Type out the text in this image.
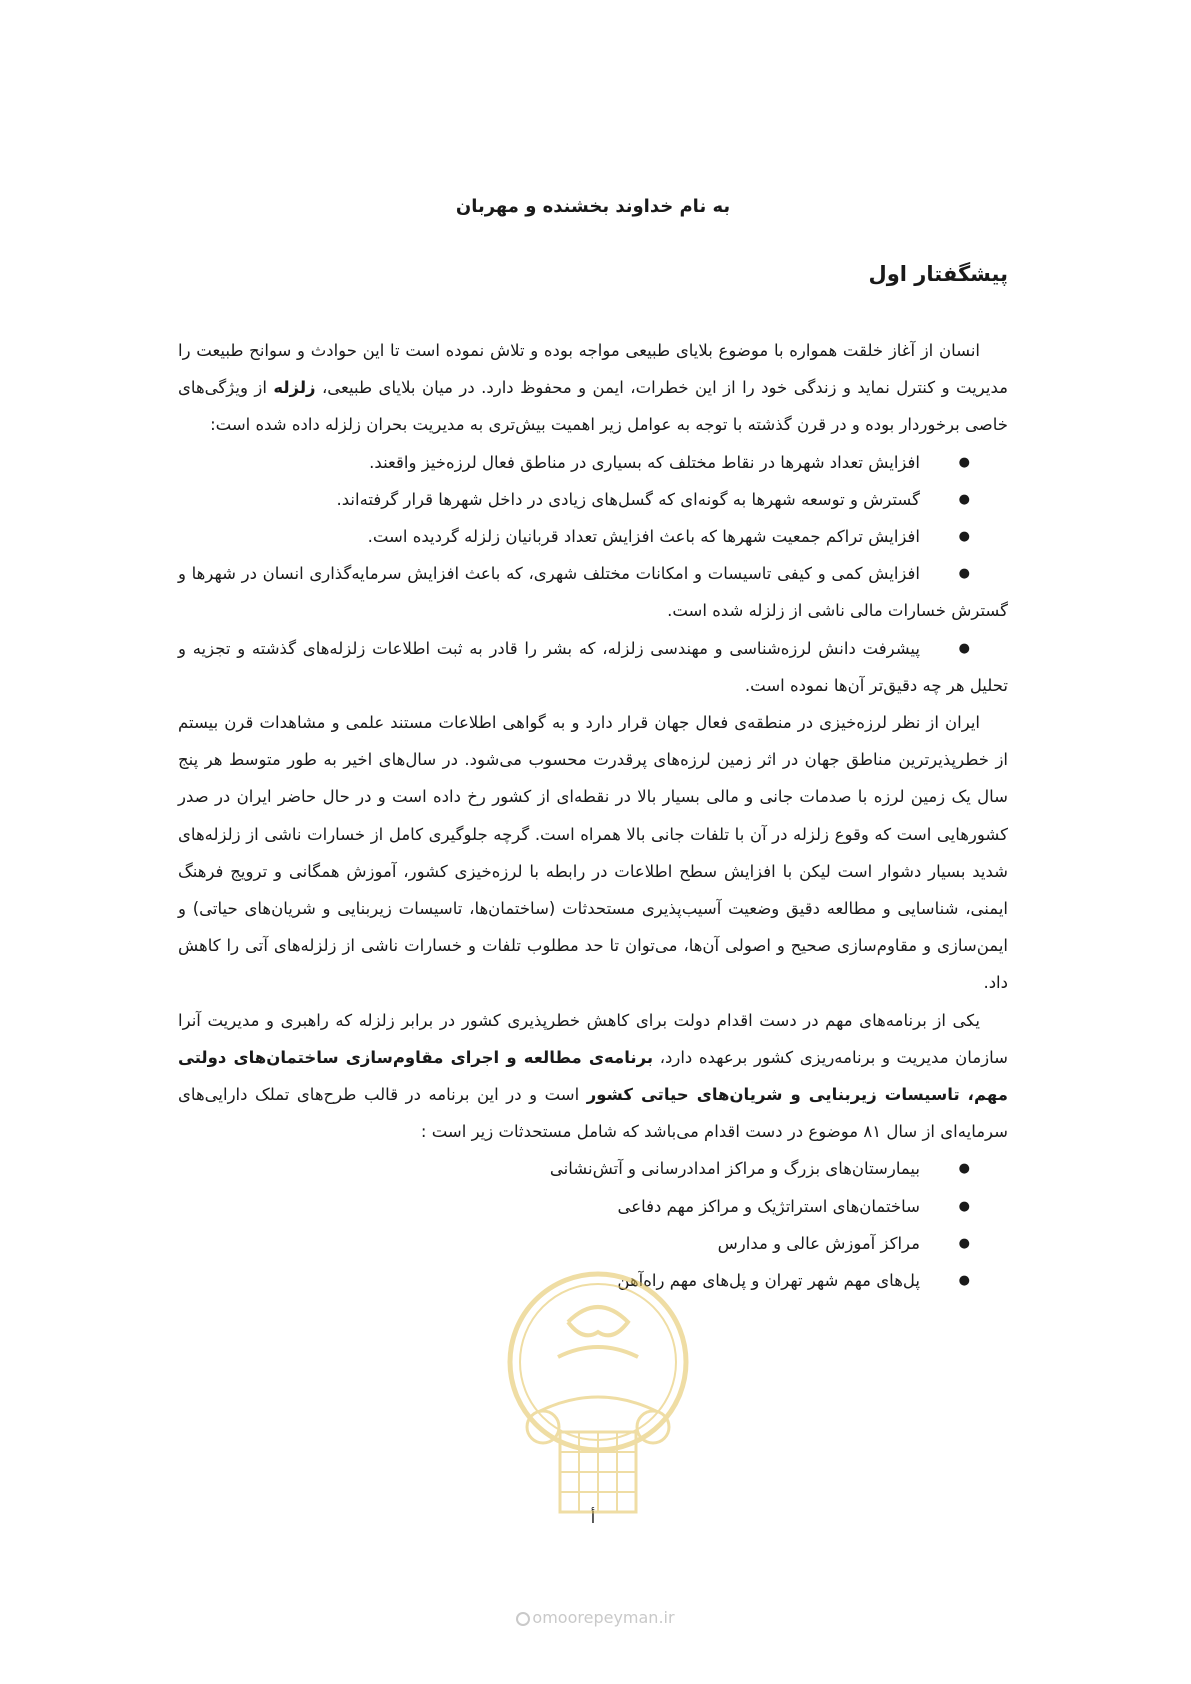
به نام خداوند بخشنده و مهربان

پیشگفتار اول

انسان از آغاز خلقت همواره با موضوع بلایای طبیعی مواجه بوده و تلاش نموده است تا این حوادث و سوانح طبیعت را مدیریت و کنترل نماید و زندگی خود را از این خطرات، ایمن و محفوظ دارد. در میان بلایای طبیعی، زلزله از ویژگی‌های خاصی برخوردار بوده و در قرن گذشته با توجه به عوامل زیر اهمیت بیش‌تری به مدیریت بحران زلزله داده شده است:

● افزایش تعداد شهرها در نقاط مختلف که بسیاری در مناطق فعال لرزه‌خیز واقعند.
● گسترش و توسعه شهرها به گونه‌ای که گسل‌های زیادی در داخل شهرها قرار گرفته‌اند.
● افزایش تراکم جمعیت شهرها که باعث افزایش تعداد قربانیان زلزله گردیده است.
● افزایش کمی و کیفی تاسیسات و امکانات مختلف شهری، که باعث افزایش سرمایه‌گذاری انسان در شهرها و گسترش خسارات مالی ناشی از زلزله شده است.
● پیشرفت دانش لرزه‌شناسی و مهندسی زلزله، که بشر را قادر به ثبت اطلاعات زلزله‌های گذشته و تجزیه و تحلیل هر چه دقیق‌تر آن‌ها نموده است.

ایران از نظر لرزه‌خیزی در منطقه‌ی فعال جهان قرار دارد و به گواهی اطلاعات مستند علمی و مشاهدات قرن بیستم از خطرپذیرترین مناطق جهان در اثر زمین لرزه‌های پرقدرت محسوب می‌شود. در سال‌های اخیر به طور متوسط هر پنج سال یک زمین لرزه با صدمات جانی و مالی بسیار بالا در نقطه‌ای از کشور رخ داده است و در حال حاضر ایران در صدر کشورهایی است که وقوع زلزله در آن با تلفات جانی بالا همراه است. گرچه جلوگیری کامل از خسارات ناشی از زلزله‌های شدید بسیار دشوار است لیکن با افزایش سطح اطلاعات در رابطه با لرزه‌خیزی کشور، آموزش همگانی و ترویج فرهنگ ایمنی، شناسایی و مطالعه دقیق وضعیت آسیب‌پذیری مستحدثات (ساختمان‌ها، تاسیسات زیربنایی و شریان‌های حیاتی) و ایمن‌سازی و مقاوم‌سازی صحیح و اصولی آن‌ها، می‌توان تا حد مطلوب تلفات و خسارات ناشی از زلزله‌های آتی را کاهش داد.

یکی از برنامه‌های مهم در دست اقدام دولت برای کاهش خطرپذیری کشور در برابر زلزله که راهبری و مدیریت آنرا سازمان مدیریت و برنامه‌ریزی کشور برعهده دارد، برنامه‌ی مطالعه و اجرای مقاوم‌سازی ساختمان‌های دولتی مهم، تاسیسات زیربنایی و شریان‌های حیاتی کشور است و در این برنامه در قالب طرح‌های تملک دارایی‌های سرمایه‌ای از سال ۸۱ موضوع در دست اقدام می‌باشد که شامل مستحدثات زیر است :

● بیمارستان‌های بزرگ و مراکز امدادرسانی و آتش‌نشانی
● ساختمان‌های استراتژیک و مراکز مهم دفاعی
● مراکز آموزش عالی و مدارس
● پل‌های مهم شهر تهران و پل‌های مهم راه‌آهن

أ

omoorepeyman.ir
